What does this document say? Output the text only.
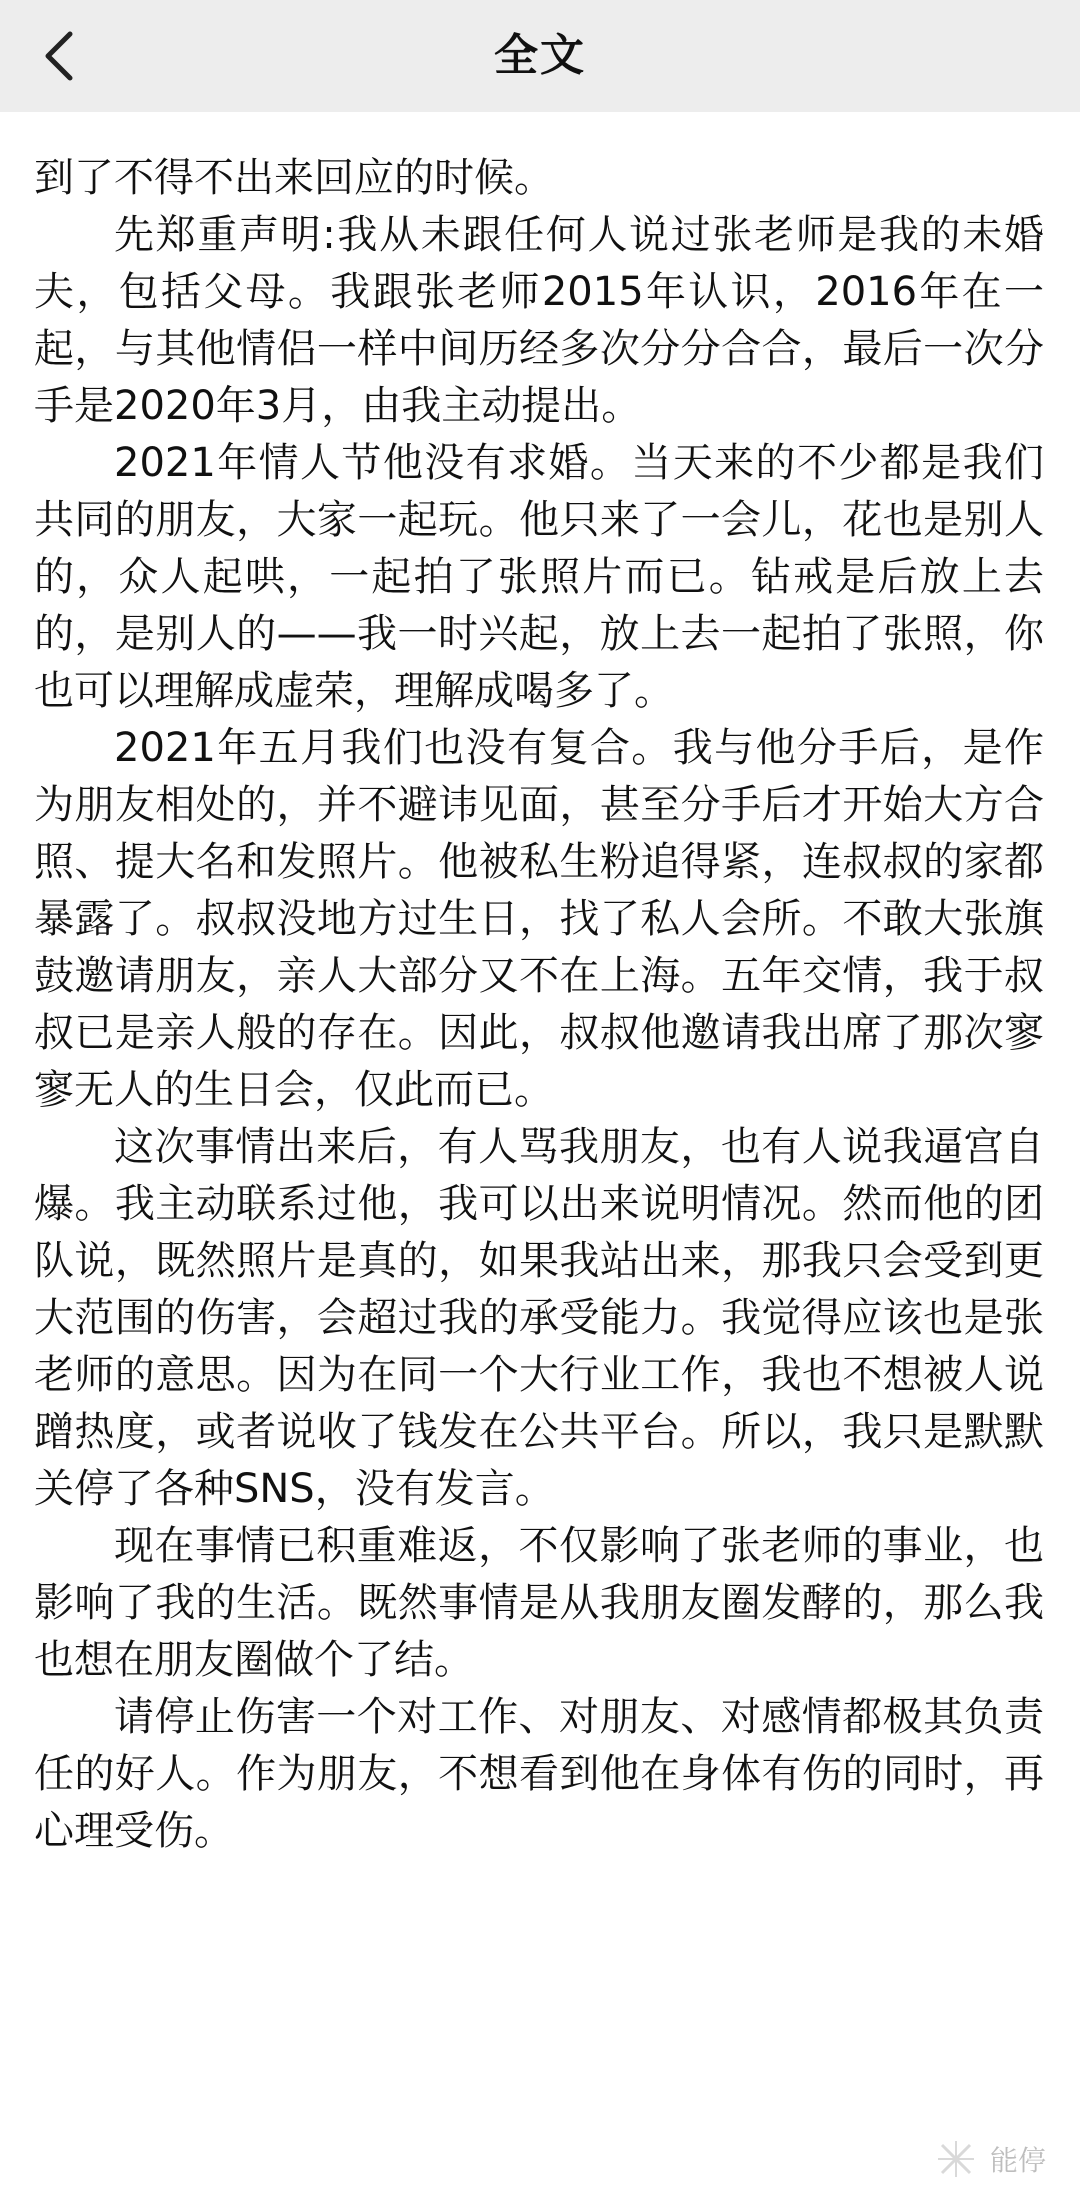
全文

到了不得不出来回应的时候。

先郑重声明:我从未跟任何人说过张老师是我的未婚夫，包括父母。我跟张老师2015年认识，2016年在一起，与其他情侣一样中间历经多次分分合合，最后一次分手是2020年3月，由我主动提出。

2021年情人节他没有求婚。当天来的不少都是我们共同的朋友，大家一起玩。他只来了一会儿，花也是别人的，众人起哄，一起拍了张照片而已。钻戒是后放上去的，是别人的——我一时兴起，放上去一起拍了张照，你也可以理解成虚荣，理解成喝多了。

2021年五月我们也没有复合。我与他分手后，是作为朋友相处的，并不避讳见面，甚至分手后才开始大方合照、提大名和发照片。他被私生粉追得紧，连叔叔的家都暴露了。叔叔没地方过生日，找了私人会所。不敢大张旗鼓邀请朋友，亲人大部分又不在上海。五年交情，我于叔叔已是亲人般的存在。因此，叔叔他邀请我出席了那次寥寥无人的生日会，仅此而已。

这次事情出来后，有人骂我朋友，也有人说我逼宫自爆。我主动联系过他，我可以出来说明情况。然而他的团队说，既然照片是真的，如果我站出来，那我只会受到更大范围的伤害，会超过我的承受能力。我觉得应该也是张老师的意思。因为在同一个大行业工作，我也不想被人说蹭热度，或者说收了钱发在公共平台。所以，我只是默默关停了各种SNS，没有发言。

现在事情已积重难返，不仅影响了张老师的事业，也影响了我的生活。既然事情是从我朋友圈发酵的，那么我也想在朋友圈做个了结。

请停止伤害一个对工作、对朋友、对感情都极其负责任的好人。作为朋友，不想看到他在身体有伤的同时，再心理受伤。

能停
